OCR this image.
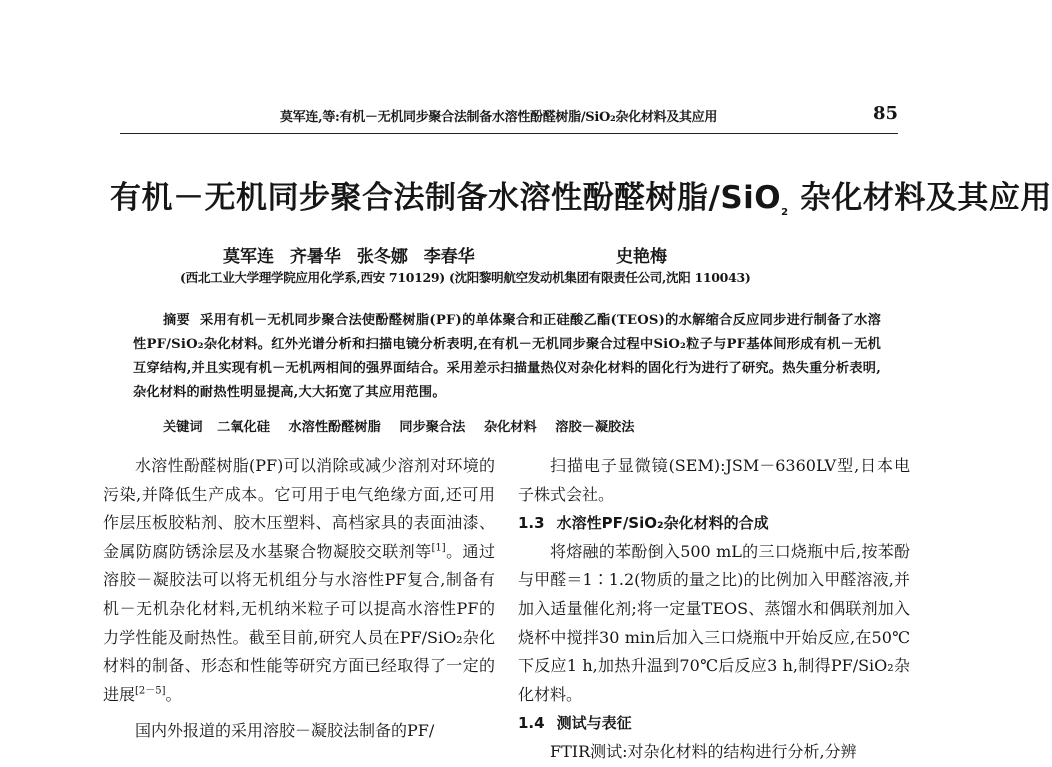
莫军连,等:有机－无机同步聚合法制备水溶性酚醛树脂/SiO₂杂化材料及其应用	85
有机－无机同步聚合法制备水溶性酚醛树脂/SiO$_2$ 杂化材料及其应用
莫军连 齐暑华 张冬娜 李春华	史艳梅
(西北工业大学理学院应用化学系,西安 710129) (沈阳黎明航空发动机集团有限责任公司,沈阳 110043)
摘要 采用有机－无机同步聚合法使酚醛树脂(PF)的单体聚合和正硅酸乙酯(TEOS)的水解缩合反应同步进行制备了水溶性PF/SiO₂杂化材料。红外光谱分析和扫描电镜分析表明,在有机－无机同步聚合过程中SiO₂粒子与PF基体间形成有机－无机互穿结构,并且实现有机－无机两相间的强界面结合。采用差示扫描量热仪对杂化材料的固化行为进行了研究。热失重分析表明,杂化材料的耐热性明显提高,大大拓宽了其应用范围。
关键词 二氧化硅 水溶性酚醛树脂 同步聚合法 杂化材料 溶胶－凝胶法

水溶性酚醛树脂(PF)可以消除或减少溶剂对环境的污染,并降低生产成本。它可用于电气绝缘方面,还可用作层压板胶粘剂、胶木压塑料、高档家具的表面油漆、金属防腐防锈涂层及水基聚合物凝胶交联剂等[1]。通过溶胶－凝胶法可以将无机组分与水溶性PF复合,制备有机－无机杂化材料,无机纳米粒子可以提高水溶性PF的力学性能及耐热性。截至目前,研究人员在PF/SiO₂杂化材料的制备、形态和性能等研究方面已经取得了一定的进展[2－5]。

国内外报道的采用溶胶－凝胶法制备的PF/

扫描电子显微镜(SEM):JSM－6360LV型,日本电子株式会社。

1.3 水溶性PF/SiO₂杂化材料的合成

将熔融的苯酚倒入500 mL的三口烧瓶中后,按苯酚与甲醛＝1∶1.2(物质的量之比)的比例加入甲醛溶液,并加入适量催化剂;将一定量TEOS、蒸馏水和偶联剂加入烧杯中搅拌30 min后加入三口烧瓶中开始反应,在50℃下反应1 h,加热升温到70℃后反应3 h,制得PF/SiO₂杂化材料。

1.4 测试与表征

FTIR测试:对杂化材料的结构进行分析,分辨
